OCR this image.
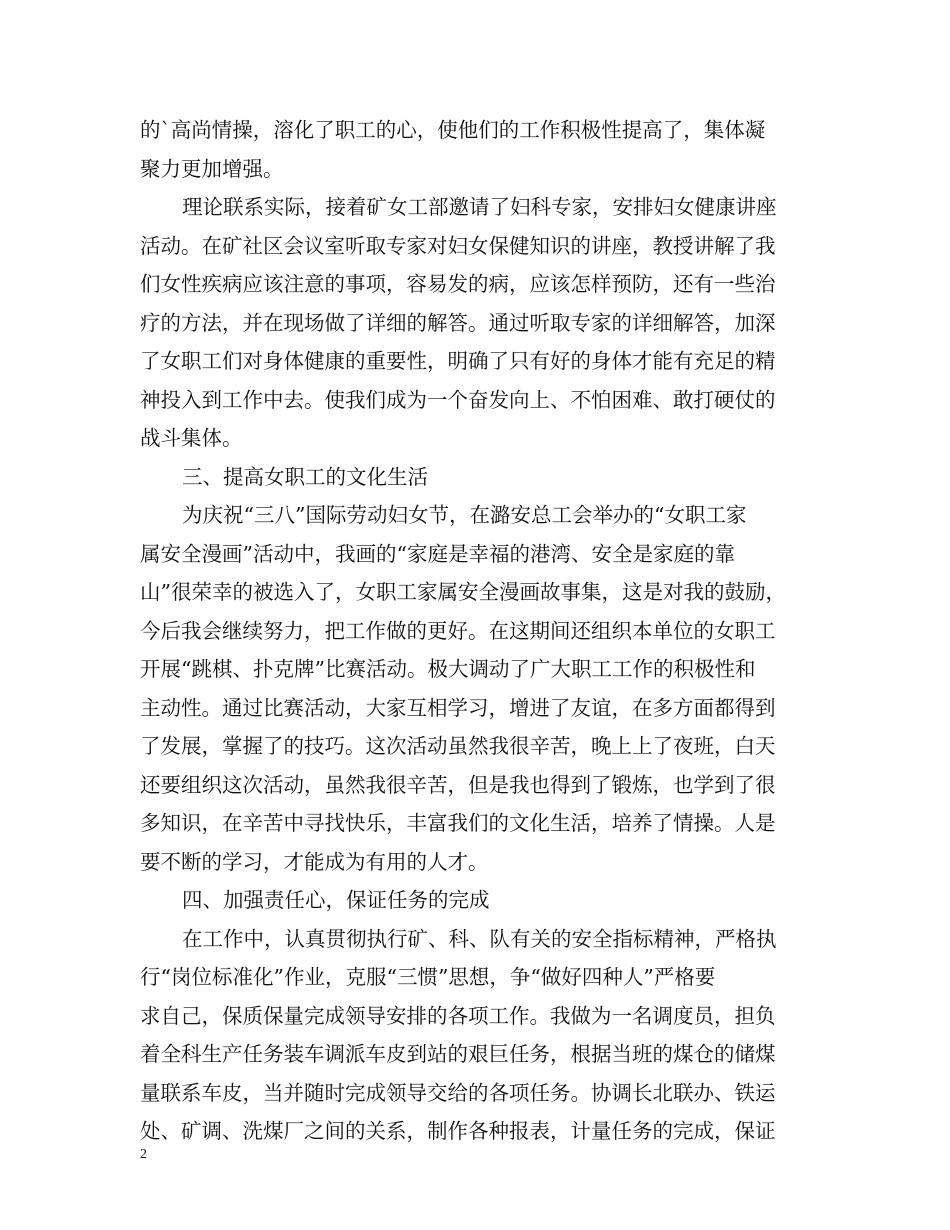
的`高尚情操，溶化了职工的心，使他们的工作积极性提高了，集体凝
聚力更加增强。
理论联系实际，接着矿女工部邀请了妇科专家，安排妇女健康讲座
活动。在矿社区会议室听取专家对妇女保健知识的讲座，教授讲解了我
们女性疾病应该注意的事项，容易发的病，应该怎样预防，还有一些治
疗的方法，并在现场做了详细的解答。通过听取专家的详细解答，加深
了女职工们对身体健康的重要性，明确了只有好的身体才能有充足的精
神投入到工作中去。使我们成为一个奋发向上、不怕困难、敢打硬仗的
战斗集体。
三、提高女职工的文化生活
为庆祝“三八”国际劳动妇女节，在潞安总工会举办的“女职工家
属安全漫画”活动中，我画的“家庭是幸福的港湾、安全是家庭的靠
山”很荣幸的被选入了，女职工家属安全漫画故事集，这是对我的鼓励，
今后我会继续努力，把工作做的更好。在这期间还组织本单位的女职工
开展“跳棋、扑克牌”比赛活动。极大调动了广大职工工作的积极性和
主动性。通过比赛活动，大家互相学习，增进了友谊，在多方面都得到
了发展，掌握了的技巧。这次活动虽然我很辛苦，晚上上了夜班，白天
还要组织这次活动，虽然我很辛苦，但是我也得到了锻炼，也学到了很
多知识，在辛苦中寻找快乐，丰富我们的文化生活，培养了情操。人是
要不断的学习，才能成为有用的人才。
四、加强责任心，保证任务的完成
在工作中，认真贯彻执行矿、科、队有关的安全指标精神，严格执
行“岗位标准化”作业，克服“三惯”思想，争“做好四种人”严格要
求自己，保质保量完成领导安排的各项工作。我做为一名调度员，担负
着全科生产任务装车调派车皮到站的艰巨任务，根据当班的煤仓的储煤
量联系车皮，当并随时完成领导交给的各项任务。协调长北联办、铁运
处、矿调、洗煤厂之间的关系，制作各种报表，计量任务的完成，保证
2
